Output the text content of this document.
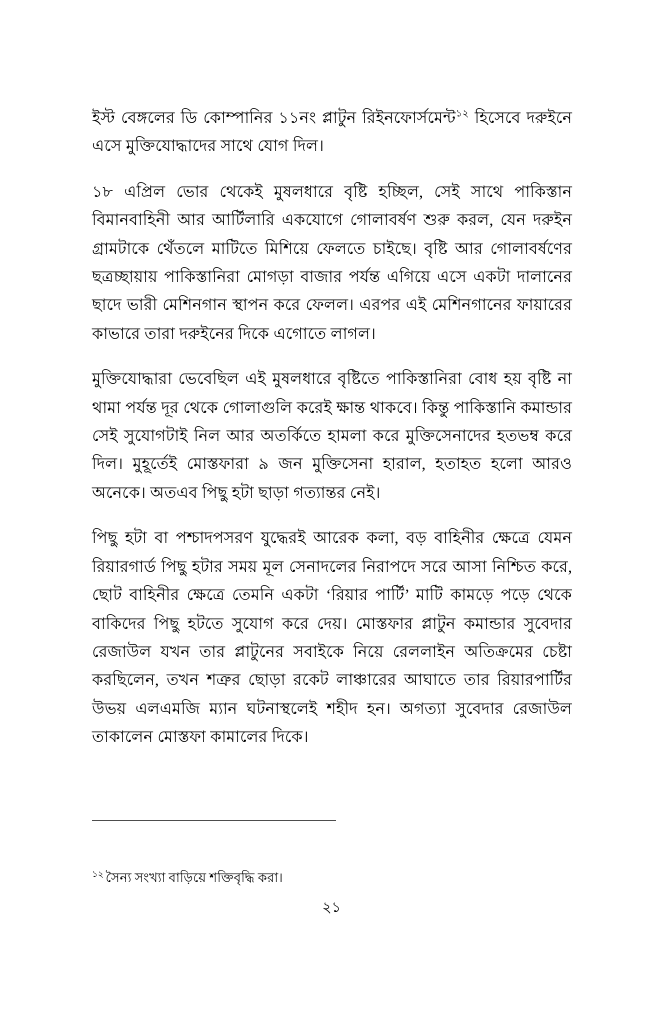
ইস্ট বেঙ্গলের ডি কোম্পানির ১১নং প্লাটুন রিইনফোর্সমেন্ট$^{১২}$ হিসেবে দরুইনে এসে মুক্তিযোদ্ধাদের সাথে যোগ দিল।

১৮ এপ্রিল ভোর থেকেই মুষলধারে বৃষ্টি হচ্ছিল, সেই সাথে পাকিস্তান বিমানবাহিনী আর আর্টিলারি একযোগে গোলাবর্ষণ শুরু করল, যেন দরুইন গ্রামটাকে থেঁতলে মাটিতে মিশিয়ে ফেলতে চাইছে। বৃষ্টি আর গোলাবর্ষণের ছত্রচ্ছায়ায় পাকিস্তানিরা মোগড়া বাজার পর্যন্ত এগিয়ে এসে একটা দালানের ছাদে ভারী মেশিনগান স্থাপন করে ফেলল। এরপর এই মেশিনগানের ফায়ারের কাভারে তারা দরুইনের দিকে এগোতে লাগল।

মুক্তিযোদ্ধারা ভেবেছিল এই মুষলধারে বৃষ্টিতে পাকিস্তানিরা বোধ হয় বৃষ্টি না থামা পর্যন্ত দূর থেকে গোলাগুলি করেই ক্ষান্ত থাকবে। কিন্তু পাকিস্তানি কমান্ডার সেই সুযোগটাই নিল আর অতর্কিতে হামলা করে মুক্তিসেনাদের হতভম্ব করে দিল। মুহূর্তেই মোস্তফারা ৯ জন মুক্তিসেনা হারাল, হতাহত হলো আরও অনেকে। অতএব পিছু হটা ছাড়া গত্যান্তর নেই।

পিছু হটা বা পশ্চাদপসরণ যুদ্ধেরই আরেক কলা, বড় বাহিনীর ক্ষেত্রে যেমন রিয়ারগার্ড পিছু হটার সময় মূল সেনাদলের নিরাপদে সরে আসা নিশ্চিত করে, ছোট বাহিনীর ক্ষেত্রে তেমনি একটা ‘রিয়ার পার্টি’ মাটি কামড়ে পড়ে থেকে বাকিদের পিছু হটতে সুযোগ করে দেয়। মোস্তফার প্লাটুন কমান্ডার সুবেদার রেজাউল যখন তার প্লাটুনের সবাইকে নিয়ে রেললাইন অতিক্রমের চেষ্টা করছিলেন, তখন শত্রুর ছোড়া রকেট লাঞ্চারের আঘাতে তার রিয়ারপার্টির উভয় এলএমজি ম্যান ঘটনাস্থলেই শহীদ হন। অগত্যা সুবেদার রেজাউল তাকালেন মোস্তফা কামালের দিকে।

$^{১২}$ সৈন্য সংখ্যা বাড়িয়ে শক্তিবৃদ্ধি করা।

২১
